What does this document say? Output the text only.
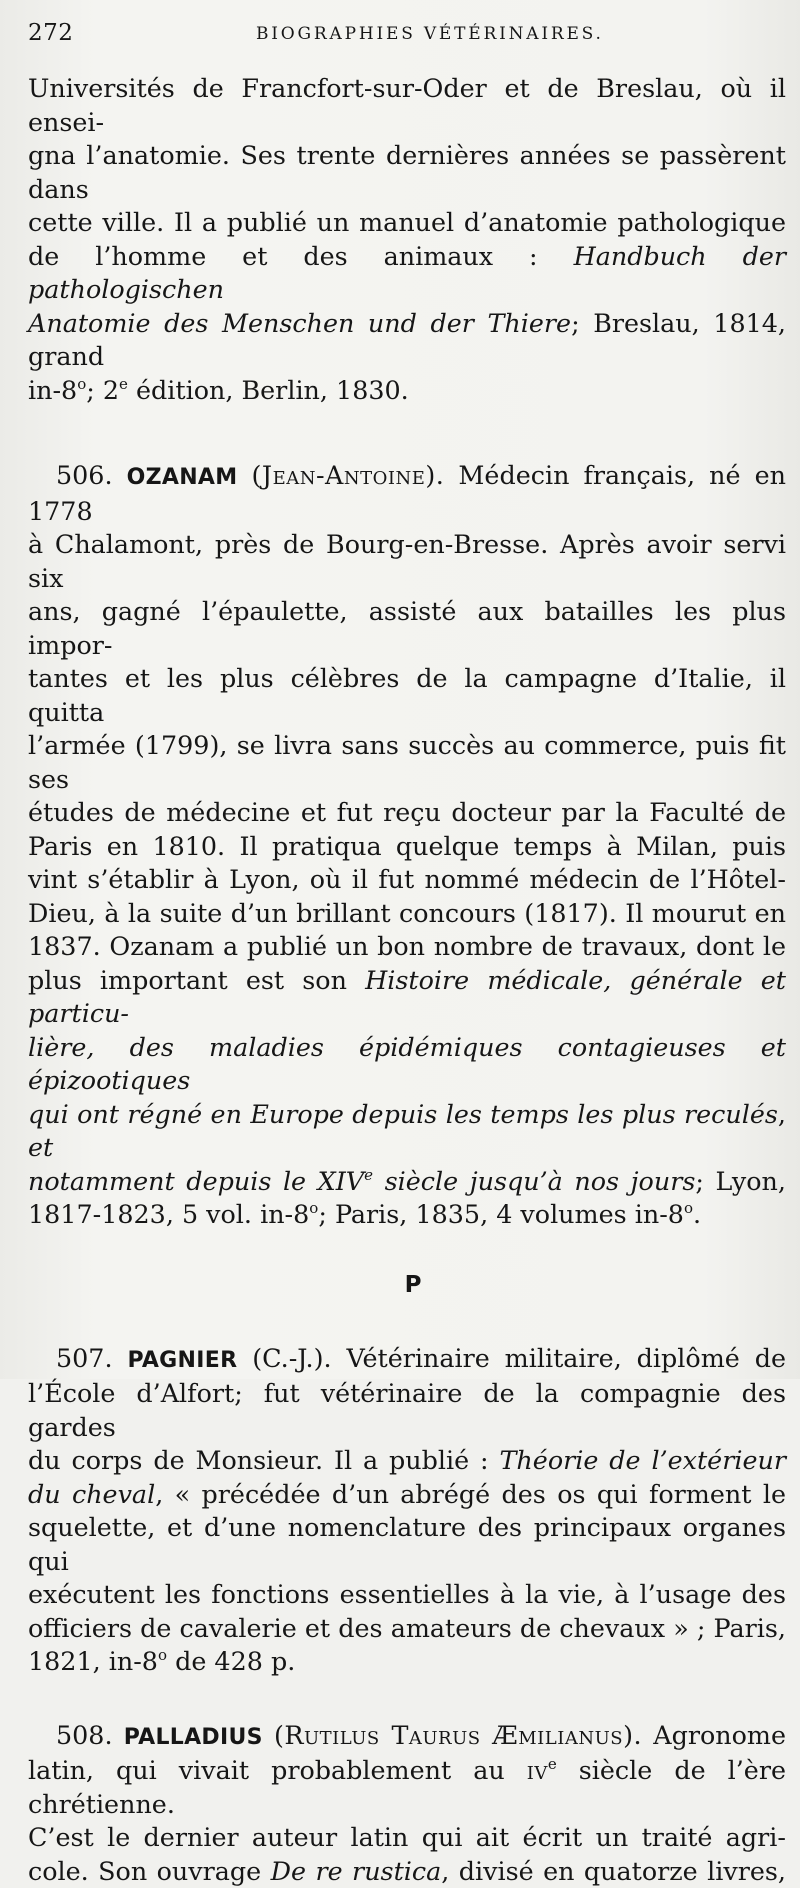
272	BIOGRAPHIES VÉTÉRINAIRES.

Universités de Francfort-sur-Oder et de Breslau, où il ensei-
gna l’anatomie. Ses trente dernières années se passèrent dans
cette ville. Il a publié un manuel d’anatomie pathologique
de l’homme et des animaux : Handbuch der pathologischen
Anatomie des Menschen und der Thiere; Breslau, 1814, grand
in-8$^o$; 2e édition, Berlin, 1830.

506. OZANAM (Jean-Antoine). Médecin français, né en 1778
à Chalamont, près de Bourg-en-Bresse. Après avoir servi six
ans, gagné l’épaulette, assisté aux batailles les plus impor-
tantes et les plus célèbres de la campagne d’Italie, il quitta
l’armée (1799), se livra sans succès au commerce, puis fit ses
études de médecine et fut reçu docteur par la Faculté de
Paris en 1810. Il pratiqua quelque temps à Milan, puis
vint s’établir à Lyon, où il fut nommé médecin de l’Hôtel-
Dieu, à la suite d’un brillant concours (1817). Il mourut en
1837. Ozanam a publié un bon nombre de travaux, dont le
plus important est son Histoire médicale, générale et particu-
lière, des maladies épidémiques contagieuses et épizootiques
qui ont régné en Europe depuis les temps les plus reculés, et
notamment depuis le XIVe siècle jusqu’à nos jours; Lyon,
1817-1823, 5 vol. in-8$^o$; Paris, 1835, 4 volumes in-8$^o$.

P

507. PAGNIER (C.-J.). Vétérinaire militaire, diplômé de
l’École d’Alfort; fut vétérinaire de la compagnie des gardes
du corps de Monsieur. Il a publié : Théorie de l’extérieur
du cheval, « précédée d’un abrégé des os qui forment le
squelette, et d’une nomenclature des principaux organes qui
exécutent les fonctions essentielles à la vie, à l’usage des
officiers de cavalerie et des amateurs de chevaux » ; Paris,
1821, in-8$^o$ de 428 p.

508. PALLADIUS (Rutilus Taurus Æmilianus). Agronome
latin, qui vivait probablement au $iv^e$ siècle de l’ère chrétienne.
C’est le dernier auteur latin qui ait écrit un traité agri-
cole. Son ouvrage De re rustica, divisé en quatorze livres,
